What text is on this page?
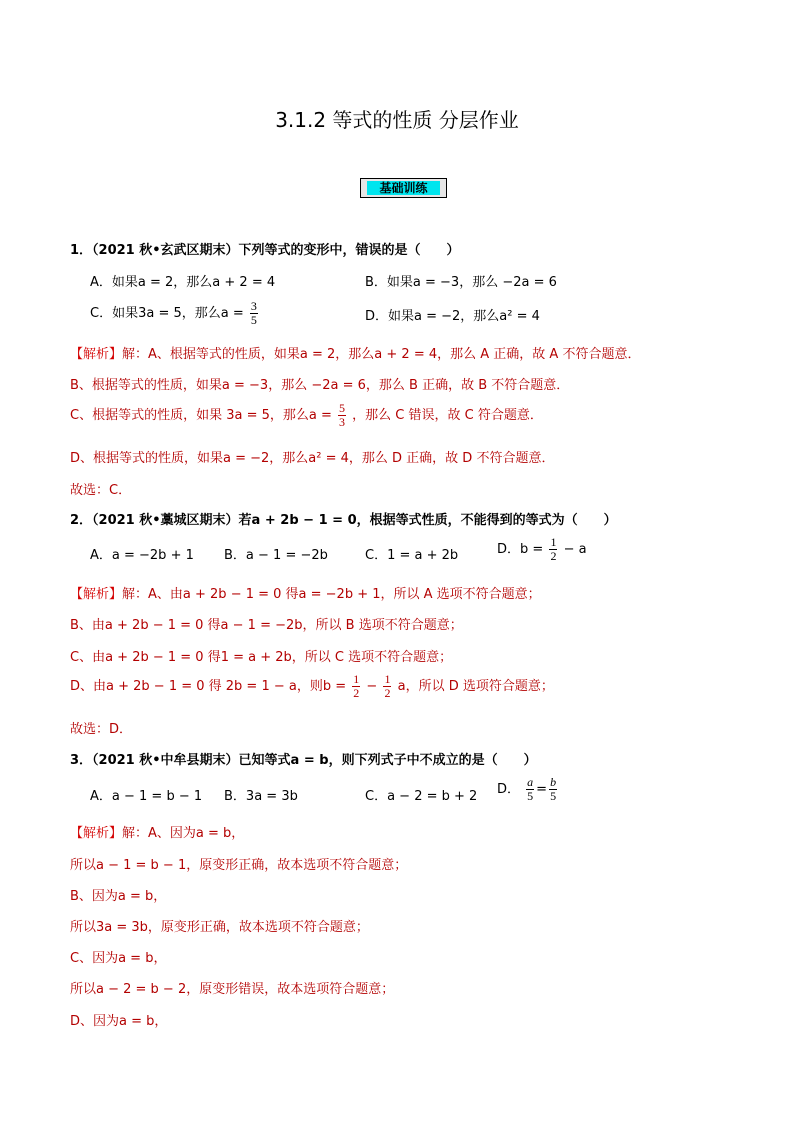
3.1.2 等式的性质 分层作业
基础训练
1．（2021 秋•玄武区期末）下列等式的变形中，错误的是（　　）
A．如果a = 2，那么a + 2 = 4	B．如果a = −3，那么 −2a = 6
C．如果3a = 5，那么$a = \frac{3}{5}$	D．如果a = −2，那么a² = 4
【解析】解：A、根据等式的性质，如果a = 2，那么a + 2 = 4，那么 A 正确，故 A 不符合题意．
B、根据等式的性质，如果a = −3，那么 −2a = 6，那么 B 正确，故 B 不符合题意．
C、根据等式的性质，如果 3a = 5，那么$a = \frac{5}{3}$ ，那么 C 错误，故 C 符合题意．
D、根据等式的性质，如果a = −2，那么a² = 4，那么 D 正确，故 D 不符合题意．
故选：C．
2．（2021 秋•藁城区期末）若a + 2b − 1 = 0，根据等式性质，不能得到的等式为（　　）
A．a = −2b + 1 B．a − 1 = −2b	C．1 = a + 2b	D．$b = \frac{1}{2} - a$
【解析】解：A、由a + 2b − 1 = 0 得a = −2b + 1，所以 A 选项不符合题意；
B、由a + 2b − 1 = 0 得a − 1 = −2b，所以 B 选项不符合题意；
C、由a + 2b − 1 = 0 得1 = a + 2b，所以 C 选项不符合题意；
D、由a + 2b − 1 = 0 得 2b = 1 − a，则$b = \frac{1}{2} - \frac{1}{2}$ a，所以 D 选项符合题意；
故选：D．
3．（2021 秋•中牟县期末）已知等式a = b，则下列式子中不成立的是（　　）
A．a − 1 = b − 1 B．3a = 3b	C．a − 2 = b + 2 D． $\frac{a}{5} = \frac{b}{5}$
【解析】解：A、因为a = b，
所以a − 1 = b − 1，原变形正确，故本选项不符合题意；
B、因为a = b，
所以3a = 3b，原变形正确，故本选项不符合题意；
C、因为a = b，
所以a − 2 = b − 2，原变形错误，故本选项符合题意；
D、因为a = b，
